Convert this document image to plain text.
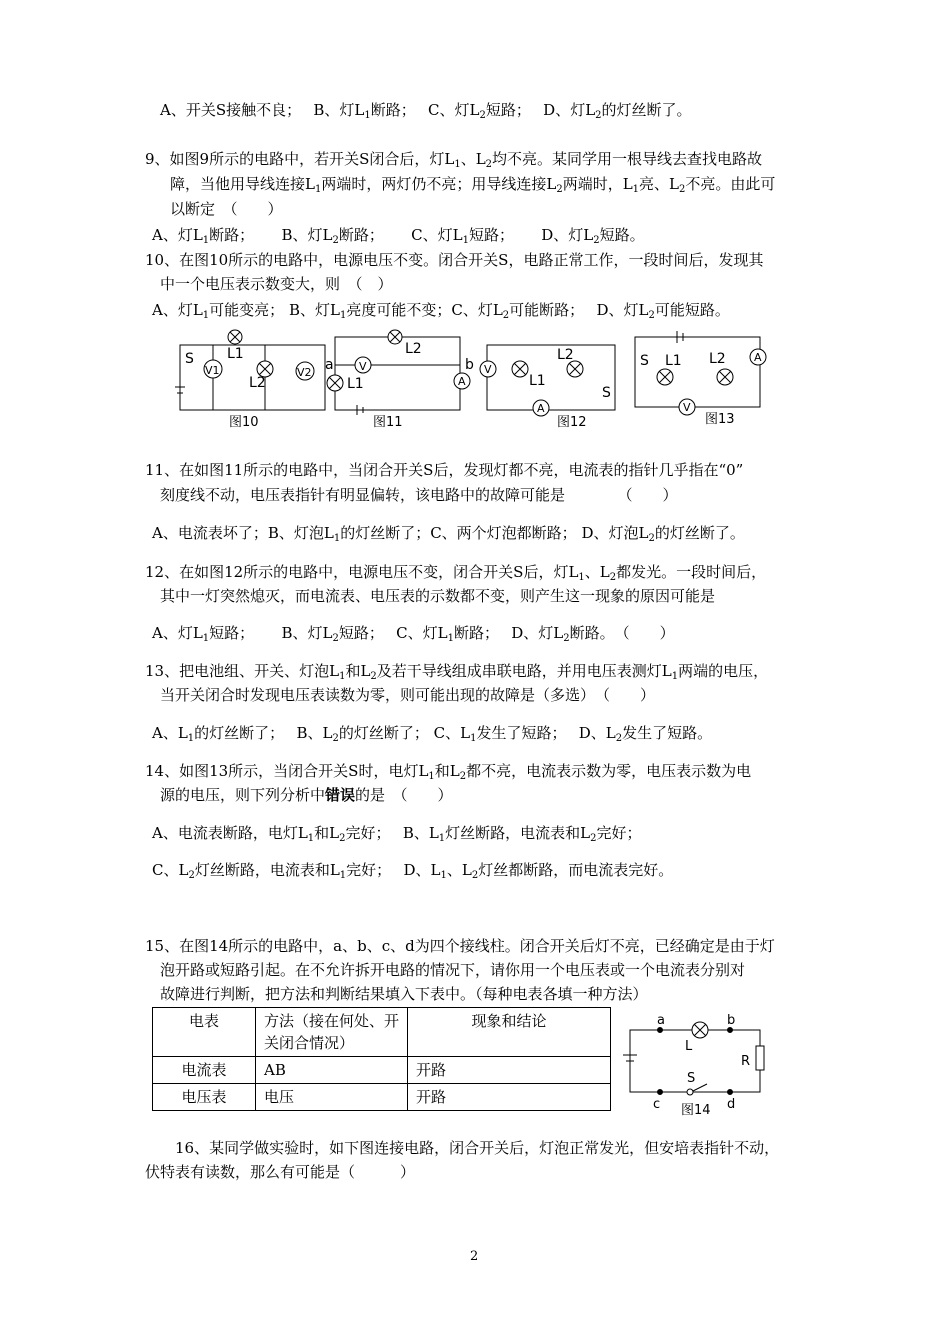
A、开关S接触不良；　 B、灯$L_1$断路；　 C、灯$L_2$短路；　 D、灯$L_2$的灯丝断了。
9、如图9所示的电路中，若开关S闭合后，灯$L_1$、$L_2$均不亮。某同学用一根导线去查找电路故
障，当他用导线连接$L_1$两端时，两灯仍不亮；用导线连接$L_2$两端时，$L_1$亮、$L_2$不亮。由此可
以断定　（　　）
A、灯$L_1$断路；　　 B、灯$L_2$断路；　　 C、灯$L_1$短路；　　 D、灯$L_2$短路。
10、在图10所示的电路中，电源电压不变。闭合开关S，电路正常工作，一段时间后，发现其
中一个电压表示数变大，则　（　）
A、灯$L_1$可能变亮； B、灯$L_1$亮度可能不变；C、灯$L_2$可能断路；　 D、灯$L_2$可能短路。
S L1
V1
L2
V2
图10
L2
V
a	b
L1	A
图11
V
L1
L2
S
A
图12
S L1 L2	A
V
图13
11、在如图11所示的电路中，当闭合开关S后，发现灯都不亮，电流表的指针几乎指在“0”
刻度线不动，电压表指针有明显偏转，该电路中的故障可能是　　　　（　　）
A、电流表坏了；B、灯泡$L_1$的灯丝断了；C、两个灯泡都断路； D、灯泡$L_2$的灯丝断了。
12、在如图12所示的电路中，电源电压不变，闭合开关S后，灯$L_1$、$L_2$都发光。一段时间后，
其中一灯突然熄灭，而电流表、电压表的示数都不变，则产生这一现象的原因可能是
A、灯$L_1$短路；　　 B、灯$L_2$短路；　 C、灯$L_1$断路；　 D、灯$L_2$断路。　 （　　）
13、把电池组、开关、灯泡$L_1$和$L_2$及若干导线组成串联电路，并用电压表测灯$L_1$两端的电压，
当开关闭合时发现电压表读数为零，则可能出现的故障是（多选）　（　　）
A、$L_1$的灯丝断了；　 B、$L_2$的灯丝断了； C、$L_1$发生了短路；　 D、$L_2$发生了短路。
14、如图13所示，当闭合开关S时，电灯$L_1$和$L_2$都不亮，电流表示数为零，电压表示数为电
源的电压，则下列分析中错误的是　（　　）
A、电流表断路，电灯$L_1$和$L_2$完好；　 B、$L_1$灯丝断路，电流表和$L_2$完好；
C、$L_2$灯丝断路，电流表和$L_1$完好；　 D、$L_1$、$L_2$灯丝都断路，而电流表完好。
15、在图14所示的电路中，a、b、c、d为四个接线柱。闭合开关后灯不亮，已经确定是由于灯
泡开路或短路引起。在不允许拆开电路的情况下，请你用一个电压表或一个电流表分别对
故障进行判断，把方法和判断结果填入下表中。（每种电表各填一种方法）
电表	方法（接在何处、开关闭合情况）	现象和结论
电流表	AB	开路
电压表	电压	开路
a	b
L
R
S
c	d
图14
16、某同学做实验时，如下图连接电路，闭合开关后，灯泡正常发光，但安培表指针不动，
伏特表有读数，那么有可能是（　　　）
2
